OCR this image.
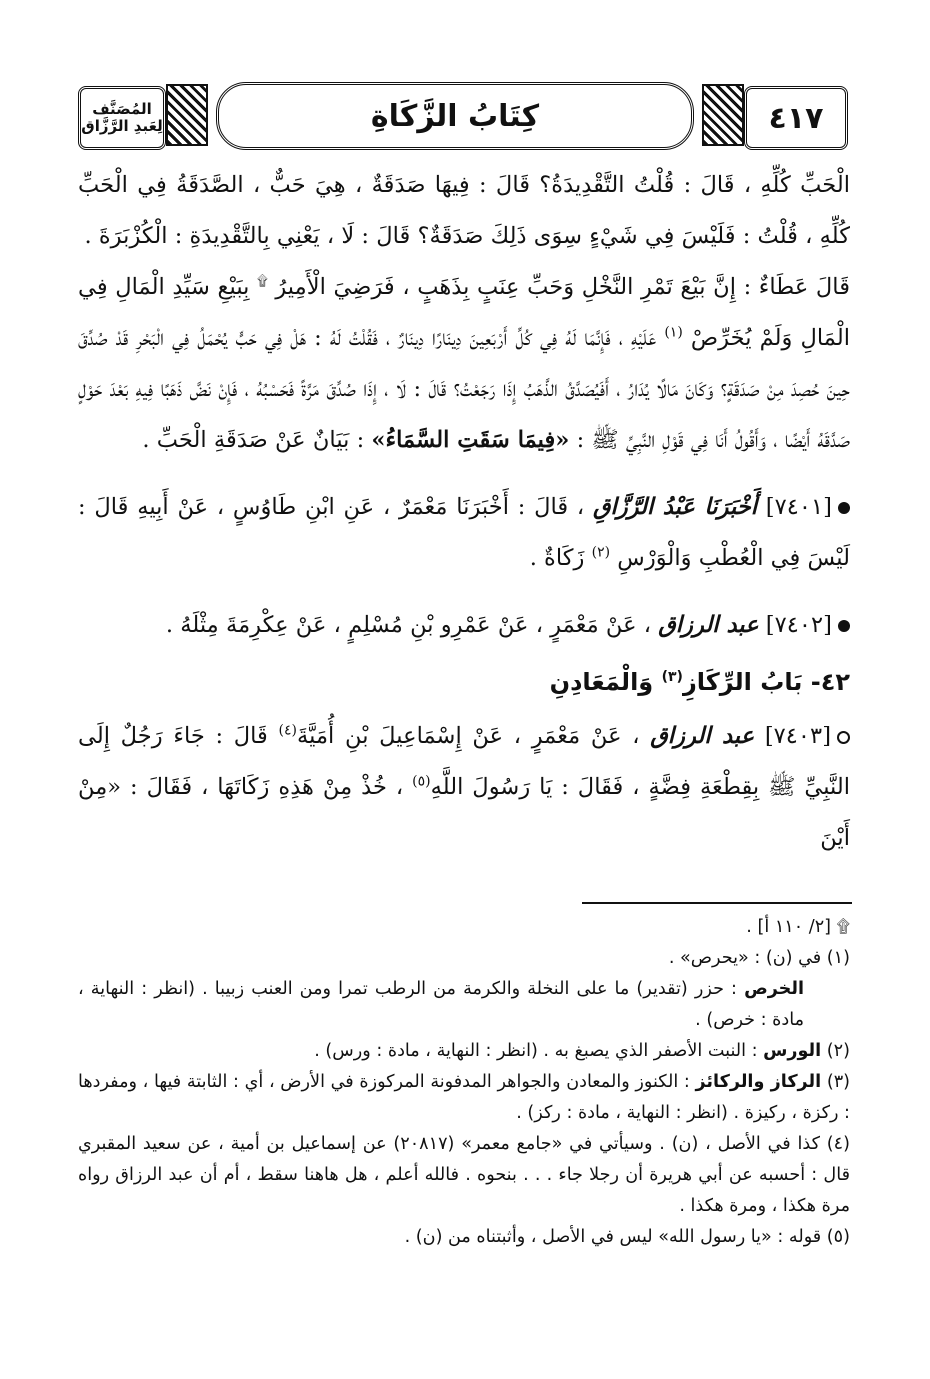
٤١٧
كِتَابُ الزَّكَاةِ
المُصَنَّف لِعَبدِ الرَّزَّاق

الْحَبِّ كُلِّهِ ، قَالَ : قُلْتُ التَّقْدِيدَةُ؟ قَالَ : فِيهَا صَدَقَةٌ ، هِيَ حَبٌّ ، الصَّدَقَةُ فِي الْحَبِّ كُلِّهِ ، قُلْتُ : فَلَيْسَ فِي شَيْءٍ سِوَى ذَلِكَ صَدَقَةٌ؟ قَالَ : لَا ، يَعْنِي بِالتَّقْدِيدَةِ : الْكُزْبَرَةَ .

قَالَ عَطَاءٌ : إِنَّ بَيْعَ تَمْرِ النَّخْلِ وَحَبِّ عِنَبٍ بِذَهَبٍ ، فَرَضِيَ الْأَمِيرُ ۩ بِبَيْعِ سَيِّدِ الْمَالِ فِي الْمَالِ وَلَمْ يُخَرِّصْ $^{(١)}$ عَلَيْهِ ، فَإِنَّمَا لَهُ فِي كُلِّ أَرْبَعِينَ دِينَارًا دِينَارٌ ، فَقُلْتُ لَهُ : هَلْ فِي حَبٍّ يُحْمَلُ فِي الْبَحْرِ قَدْ صُدِّقَ حِينَ حُصِدَ مِنْ صَدَقَةٍ؟ وَكَانَ مَالًا يُدَارُ ، أَفَيُصَدَّقُ الذَّهَبُ إِذَا رَجَعْتُ؟ قَالَ : لَا ، إِذَا صُدِّقَ مَرَّةً فَحَسْبُهُ ، فَإِنْ نَضَّ ذَهَبًا فِيهِ بَعْدَ حَوْلٍ صَدَّقَهُ أَيْضًا ، وَأَقُولُ أَنَا فِي قَوْلِ النَّبِيِّ ﷺ : «فِيمَا سَقَتِ السَّمَاءُ» : بَيَانٌ عَنْ صَدَقَةِ الْحَبِّ .

[٧٤٠١] أَخْبَرَنَا عَبْدُ الرَّزَّاقِ ، قَالَ : أَخْبَرَنَا مَعْمَرٌ ، عَنِ ابْنِ طَاوُسٍ ، عَنْ أَبِيهِ قَالَ : لَيْسَ فِي الْعُطْبِ وَالْوَرْسِ $^{(٢)}$ زَكَاةٌ .

[٧٤٠٢] عبد الرزاق ، عَنْ مَعْمَرٍ ، عَنْ عَمْرِو بْنِ مُسْلِمٍ ، عَنْ عِكْرِمَةَ مِثْلَهُ .

٤٢- بَابُ الرِّكَازِ$^{(٣)}$ وَالْمَعَادِنِ

[٧٤٠٣] عبد الرزاق ، عَنْ مَعْمَرٍ ، عَنْ إِسْمَاعِيلَ بْنِ أُمَيَّةَ$^{(٤)}$ قَالَ : جَاءَ رَجُلٌ إِلَى النَّبِيِّ ﷺ بِقِطْعَةِ فِضَّةٍ ، فَقَالَ : يَا رَسُولَ اللَّهِ$^{(٥)}$ ، خُذْ مِنْ هَذِهِ زَكَاتَهَا ، فَقَالَ : «مِنْ أَيْنَ

۩ [٢/ ١١٠ أ] .

(١) في (ن) : «يحرص» .

الخرص : حزر (تقدير) ما على النخلة والكرمة من الرطب تمرا ومن العنب زبيبا . (انظر : النهاية ، مادة : خرص) .

(٢) الورس : النبت الأصفر الذي يصبغ به . (انظر : النهاية ، مادة : ورس) .

(٣) الركاز والركائز : الكنوز والمعادن والجواهر المدفونة المركوزة في الأرض ، أي : الثابتة فيها ، ومفردها : ركزة ، ركيزة . (انظر : النهاية ، مادة : ركز) .

(٤) كذا في الأصل ، (ن) . وسيأتي في «جامع معمر» (٢٠٨١٧) عن إسماعيل بن أمية ، عن سعيد المقبري قال : أحسبه عن أبي هريرة أن رجلا جاء . . . بنحوه . فالله أعلم ، هل هاهنا سقط ، أم أن عبد الرزاق رواه مرة هكذا ، ومرة هكذا .

(٥) قوله : «يا رسول الله» ليس في الأصل ، وأثبتناه من (ن) .
